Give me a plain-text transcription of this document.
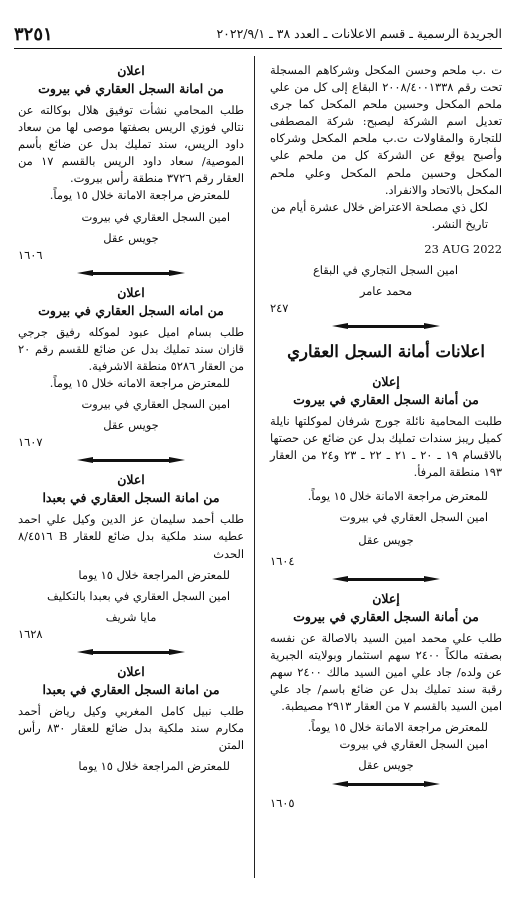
الجريدة الرسمية ـ قسم الاعلانات ـ العدد ٣٨ ـ ٢٠٢٢/٩/١
٣٢٥١

ت .ب ملحم وحسن المكحل وشركاهم المسجلة تحت رقم ٢٠٠٨/٤٠٠١٣٣٨ البقاع إلى كل من علي ملحم المكحل وحسين ملحم المكحل كما جرى تعديل اسم الشركة ليصبح: شركة المصطفى للتجارة والمقاولات ت.ب ملحم المكحل وشركاه وأصبح يوقع عن الشركة كل من ملحم علي المكحل وحسين ملحم المكحل وعلي ملحم المكحل بالاتحاد والانفراد.

لكل ذي مصلحة الاعتراض خلال عشرة أيام من تاريخ النشر.

23 AUG 2022

امين السجل التجاري في البقاع

محمد عامر

٢٤٧
اعلانات أمانة السجل العقاري
إعلان
من أمانة السجل العقاري في بيروت

طلبت المحامية نائلة جورج شرفان لموكلتها نايلة كميل ريبز سندات تمليك بدل عن ضائع عن حصتها بالاقسام ١٩ ـ ٢٠ ـ ٢١ ـ ٢٢ ـ ٢٣ و٢٤ من العقار ١٩٣ منطقة المرفأ.

للمعترض مراجعة الامانة خلال ١٥ يوماً.

امين السجل العقاري في بيروت

جويس عقل

١٦٠٤
إعلان
من أمانة السجل العقاري في بيروت

طلب علي محمد امين السيد بالاصالة عن نفسه بصفته مالكاً ٢٤٠٠ سهم استثمار وبولايته الجبرية عن ولده/ جاد علي امين السيد مالك ٢٤٠٠ سهم رقبة سند تمليك بدل عن ضائع باسم/ جاد علي امين السيد بالقسم ٧ من العقار ٢٩١٣ مصيطبة.

للمعترض مراجعة الامانة خلال ١٥ يوماً.

امين السجل العقاري في بيروت

جويس عقل

١٦٠٥
اعلان
من امانة السجل العقاري في بيروت

طلب المحامي نشأت توفيق هلال بوكالته عن نتالي فوزي الريس بصفتها موصى لها من سعاد داود الريس، سند تمليك بدل عن ضائع بأسم الموصية/ سعاد داود الريس بالقسم ١٧ من العقار رقم ٣٧٢٦ منطقة رأس بيروت.

للمعترض مراجعة الامانة خلال ١٥ يوماً.

امين السجل العقاري في بيروت

جويس عقل

١٦٠٦
اعلان
من امانه السجل العقاري في بيروت

طلب بسام اميل عبود لموكله رفيق جرجي قازان سند تمليك بدل عن ضائع للقسم رقم ٢٠ من العقار ٥٢٨٦ منطقة الاشرفية.

للمعترض مراجعة الامانه خلال ١٥ يوماً.

امين السجل العقاري في بيروت

جويس عقل

١٦٠٧
اعلان
من امانة السجل العقاري في بعبدا

طلب أحمد سليمان عز الدين وكيل علي احمد عطيه سند ملكية بدل ضائع للعقار B ٨/٤٥١٦ الحدث

للمعترض المراجعة خلال ١٥ يوما

امين السجل العقاري في بعبدا بالتكليف

مايا شريف

١٦٢٨
اعلان
من امانة السجل العقاري في بعبدا

طلب نبيل كامل المغربي وكيل رياض أحمد مكارم سند ملكية بدل ضائع للعقار ٨٣٠ رأس المتن

للمعترض المراجعة خلال ١٥ يوما
